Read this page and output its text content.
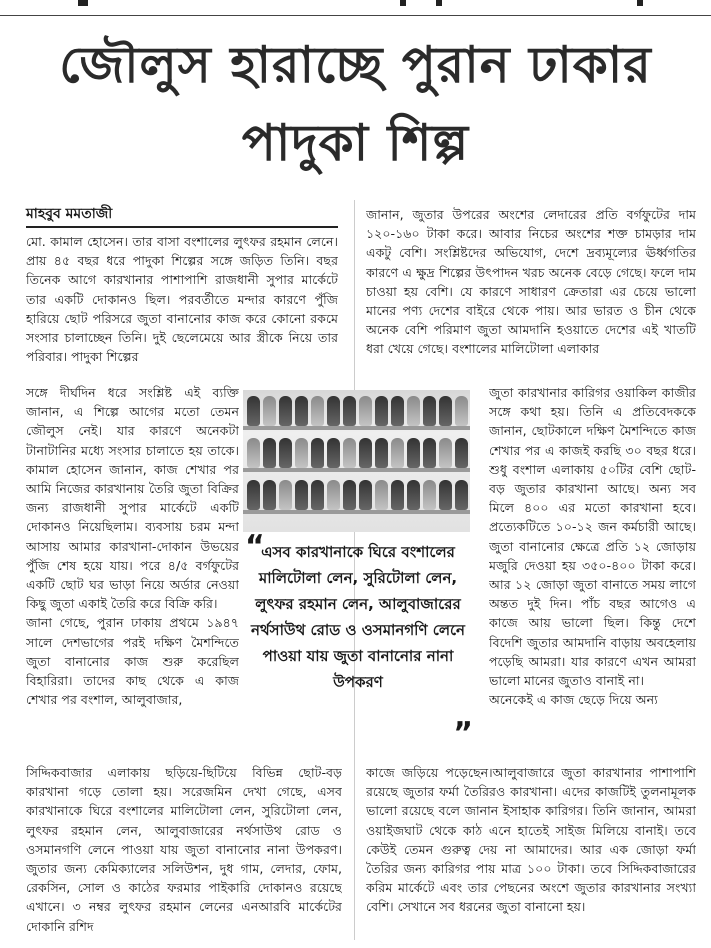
জৌলুস হারাচ্ছে পুরান ঢাকার
পাদুকা শিল্প
মাহবুব মমতাজী

মো. কামাল হোসেন। তার বাসা বংশালের লুৎফর রহমান লেনে। প্রায় ৪৫ বছর ধরে পাদুকা শিল্পের সঙ্গে জড়িত তিনি। বছর তিনেক আগে কারখানার পাশাপাশি রাজধানী সুপার মার্কেটে তার একটি দোকানও ছিল। পরবর্তীতে মন্দার কারণে পুঁজি হারিয়ে ছোট পরিসরে জুতা বানানোর কাজ করে কোনো রকমে সংসার চালাচ্ছেন তিনি। দুই ছেলেমেয়ে আর স্ত্রীকে নিয়ে তার পরিবার। পাদুকা শিল্পের

সঙ্গে দীর্ঘদিন ধরে সংশ্লিষ্ট এই ব্যক্তি জানান, এ শিল্পে আগের মতো তেমন জৌলুস নেই। যার কারণে অনেকটা টানাটানির মধ্যে সংসার চালাতে হয় তাকে। কামাল হোসেন জানান, কাজ শেখার পর আমি নিজের কারখানায় তৈরি জুতা বিক্রির জন্য রাজধানী সুপার মার্কেটে একটি দোকানও নিয়েছিলাম। ব্যবসায় চরম মন্দা আসায় আমার কারখানা-দোকান উভয়ের পুঁজি শেষ হয়ে যায়। পরে ৪/৫ বর্গফুটের একটি ছোট ঘর ভাড়া নিয়ে অর্ডার নেওয়া কিছু জুতা একাই তৈরি করে বিক্রি করি।

জানা গেছে, পুরান ঢাকায় প্রথমে ১৯৪৭ সালে দেশভাগের পরই দক্ষিণ মৈশন্দিতে জুতা বানানোর কাজ শুরু করেছিল বিহারিরা। তাদের কাছ থেকে এ কাজ শেখার পর বংশাল, আলুবাজার,

সিদ্দিকবাজার এলাকায় ছড়িয়ে-ছিটিয়ে বিভিন্ন ছোট-বড় কারখানা গড়ে তোলা হয়। সরেজমিন দেখা গেছে, এসব কারখানাকে ঘিরে বংশালের মালিটোলা লেন, সুরিটোলা লেন, লুৎফর রহমান লেন, আলুবাজারের নর্থসাউথ রোড ও ওসমানগণি লেনে পাওয়া যায় জুতা বানানোর নানা উপকরণ। জুতার জন্য কেমিক্যালের সলিউশন, দুধ গাম, লেদার, ফোম, রেকসিন, সোল ও কাঠের ফরমার পাইকারি দোকানও রয়েছে এখানে। ৩ নম্বর লুৎফর রহমান লেনের এনআরবি মার্কেটের দোকানি রশিদ

জানান, জুতার উপরের অংশের লেদারের প্রতি বর্গফুটের দাম ১২০-১৬০ টাকা করে। আবার নিচের অংশের শক্ত চামড়ার দাম একটু বেশি। সংশ্লিষ্টদের অভিযোগ, দেশে দ্রব্যমূল্যের ঊর্ধ্বগতির কারণে এ ক্ষুদ্র শিল্পের উৎপাদন খরচ অনেক বেড়ে গেছে। ফলে দাম চাওয়া হয় বেশি। যে কারণে সাধারণ ক্রেতারা এর চেয়ে ভালো মানের পণ্য দেশের বাইরে থেকে পায়। আর ভারত ও চীন থেকে অনেক বেশি পরিমাণ জুতা আমদানি হওয়াতে দেশের এই খাতটি ধরা খেয়ে গেছে। বংশালের মালিটোলা এলাকার

জুতা কারখানার কারিগর ওয়াকিল কাজীর সঙ্গে কথা হয়। তিনি এ প্রতিবেদককে জানান, ছোটকালে দক্ষিণ মৈশন্দিতে কাজ শেখার পর এ কাজই করছি ৩০ বছর ধরে। শুধু বংশাল এলাকায় ৫০টির বেশি ছোট-বড় জুতার কারখানা আছে। অন্য সব মিলে ৪০০ এর মতো কারখানা হবে। প্রত্যেকটিতে ১০-১২ জন কর্মচারী আছে। জুতা বানানোর ক্ষেত্রে প্রতি ১২ জোড়ায় মজুরি দেওয়া হয় ৩৫০-৪০০ টাকা করে। আর ১২ জোড়া জুতা বানাতে সময় লাগে অন্তত দুই দিন। পাঁচ বছর আগেও এ কাজে আয় ভালো ছিল। কিন্তু দেশে বিদেশি জুতার আমদানি বাড়ায় অবহেলায় পড়েছি আমরা। যার কারণে এখন আমরা ভালো মানের জুতাও বানাই না।

অনেকেই এ কাজ ছেড়ে দিয়ে অন্য

কাজে জড়িয়ে পড়েছেন।আলুবাজারে জুতা কারখানার পাশাপাশি রয়েছে জুতার ফর্মা তৈরিরও কারখানা। এদের কাজটিই তুলনামূলক ভালো রয়েছে বলে জানান ইসাহাক কারিগর। তিনি জানান, আমরা ওয়াইজঘাট থেকে কাঠ এনে হাতেই সাইজ মিলিয়ে বানাই। তবে কেউই তেমন গুরুত্ব দেয় না আমাদের। আর এক জোড়া ফর্মা তৈরির জন্য কারিগর পায় মাত্র ১০০ টাকা। তবে সিদ্দিকবাজারের করিম মার্কেটে এবং তার পেছনের অংশে জুতার কারখানার সংখ্যা বেশি। সেখানে সব ধরনের জুতা বানানো হয়।

“
এসব কারখানাকে ঘিরে বংশালের মালিটোলা লেন, সুরিটোলা লেন, লুৎফর রহমান লেন, আলুবাজারের নর্থসাউথ রোড ও ওসমানগণি লেনে পাওয়া যায় জুতা বানানোর নানা উপকরণ
”
